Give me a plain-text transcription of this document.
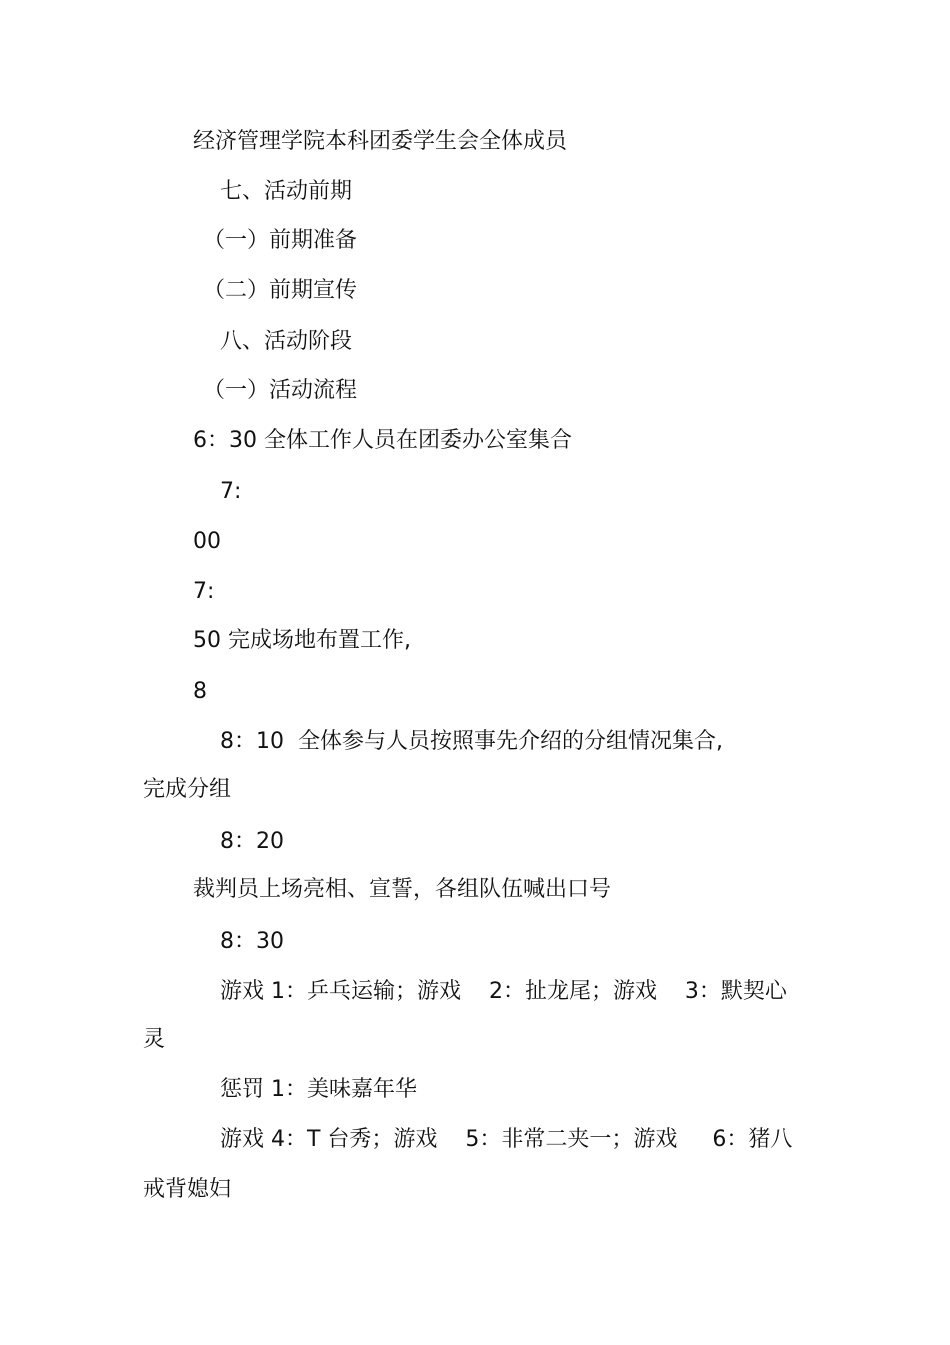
经济管理学院本科团委学生会全体成员

七、活动前期

（一）前期准备

（二）前期宣传

八、活动阶段

（一）活动流程

6：30 全体工作人员在团委办公室集合

7:

00

7:

50 完成场地布置工作,

8

8：10  全体参与人员按照事先介绍的分组情况集合,

完成分组

8：20

裁判员上场亮相、宣誓，各组队伍喊出口号

8：30

游戏 1：乒乓运输；游戏    2：扯龙尾；游戏    3：默契心

灵

惩罚 1：美味嘉年华

游戏 4：T 台秀；游戏    5：非常二夹一；游戏     6：猪八

戒背媳妇
